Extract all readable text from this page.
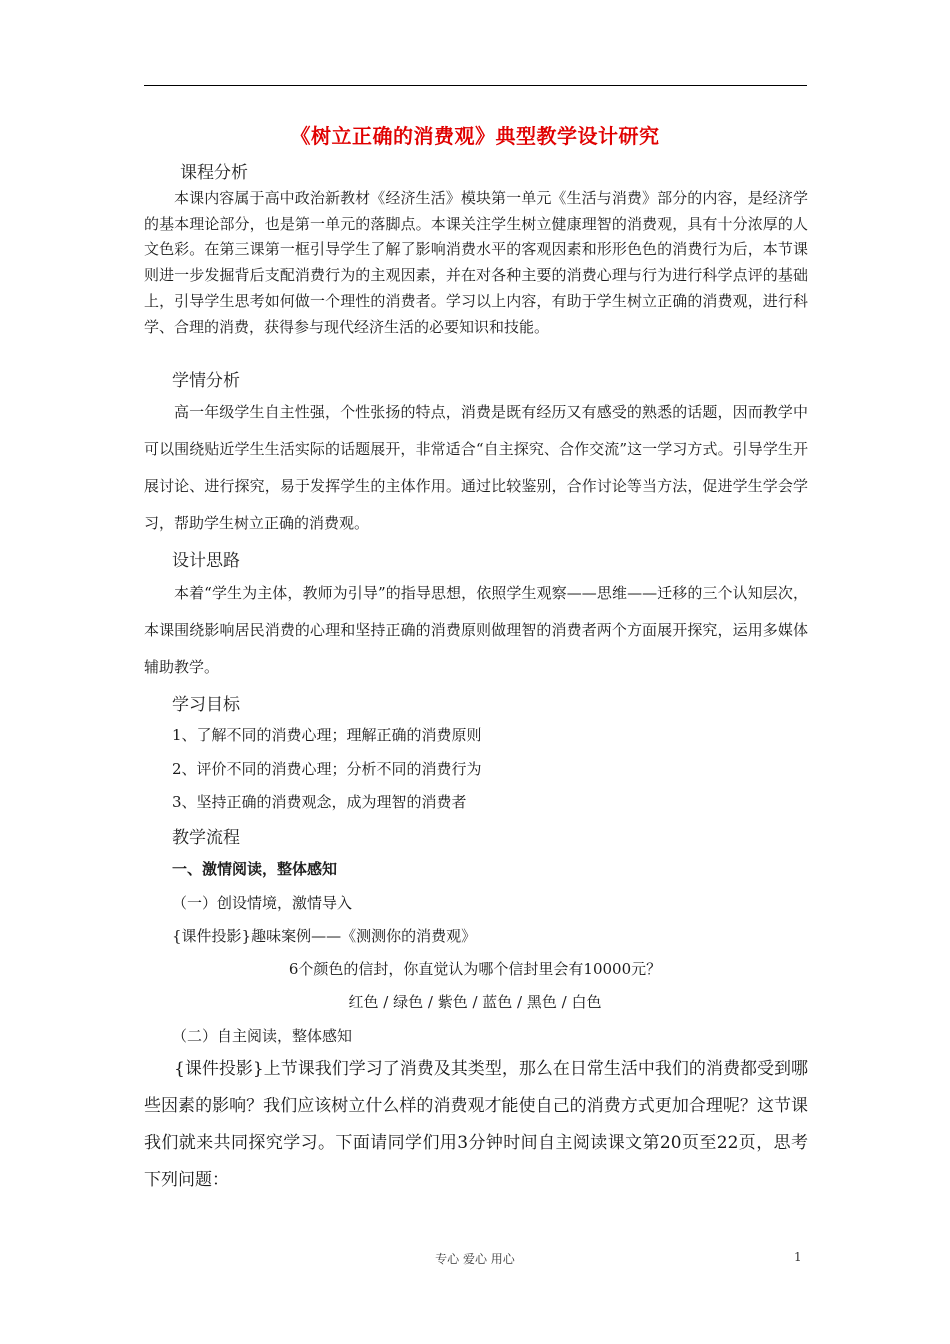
《树立正确的消费观》典型教学设计研究
课程分析
本课内容属于高中政治新教材《经济生活》模块第一单元《生活与消费》部分的内容，是经济学的基本理论部分，也是第一单元的落脚点。本课关注学生树立健康理智的消费观，具有十分浓厚的人文色彩。在第三课第一框引导学生了解了影响消费水平的客观因素和形形色色的消费行为后，本节课则进一步发掘背后支配消费行为的主观因素，并在对各种主要的消费心理与行为进行科学点评的基础上，引导学生思考如何做一个理性的消费者。学习以上内容，有助于学生树立正确的消费观，进行科学、合理的消费，获得参与现代经济生活的必要知识和技能。
学情分析
高一年级学生自主性强，个性张扬的特点，消费是既有经历又有感受的熟悉的话题，因而教学中可以围绕贴近学生生活实际的话题展开，非常适合“自主探究、合作交流”这一学习方式。引导学生开展讨论、进行探究，易于发挥学生的主体作用。通过比较鉴别，合作讨论等当方法，促进学生学会学习，帮助学生树立正确的消费观。
设计思路
本着“学生为主体，教师为引导”的指导思想，依照学生观察——思维——迁移的三个认知层次，本课围绕影响居民消费的心理和坚持正确的消费原则做理智的消费者两个方面展开探究，运用多媒体辅助教学。
学习目标
1、了解不同的消费心理；理解正确的消费原则
2、评价不同的消费心理；分析不同的消费行为
3、坚持正确的消费观念，成为理智的消费者
教学流程
一、激情阅读，整体感知
（一）创设情境，激情导入
{课件投影}趣味案例——《测测你的消费观》
6个颜色的信封，你直觉认为哪个信封里会有10000元？
红色 / 绿色 / 紫色 / 蓝色 / 黑色 / 白色
（二）自主阅读，整体感知
{课件投影}上节课我们学习了消费及其类型，那么在日常生活中我们的消费都受到哪些因素的影响？我们应该树立什么样的消费观才能使自己的消费方式更加合理呢？这节课我们就来共同探究学习。下面请同学们用3分钟时间自主阅读课文第20页至22页，思考下列问题：
专心 爱心 用心	1
